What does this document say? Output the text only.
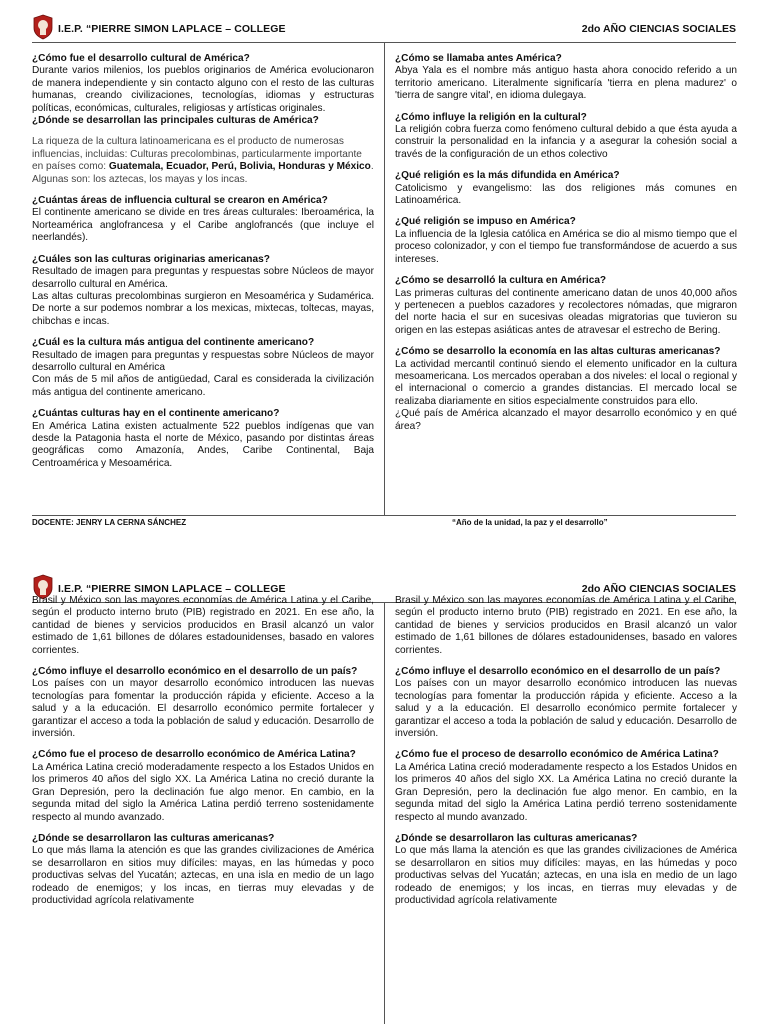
I.E.P. “PIERRE SIMON LAPLACE – COLLEGE	2do AÑO CIENCIAS SOCIALES

¿Cómo fue el desarrollo cultural de América?

Durante varios milenios, los pueblos originarios de América evolucionaron de manera independiente y sin contacto alguno con el resto de las culturas humanas, creando civilizaciones, tecnologías, idiomas y estructuras políticas, económicas, culturales, religiosas y artísticas originales.

¿Dónde se desarrollan las principales culturas de América?

La riqueza de la cultura latinoamericana es el producto de numerosas influencias, incluidas: Culturas precolombinas, particularmente importante en países como: Guatemala, Ecuador, Perú, Bolivia, Honduras y México. Algunas son: los aztecas, los mayas y los incas.

¿Cuántas áreas de influencia cultural se crearon en América?

El continente americano se divide en tres áreas culturales: Iberoamérica, la Norteamérica anglofrancesa y el Caribe anglofrancés (que incluye el neerlandés).

¿Cuáles son las culturas originarias americanas?

Resultado de imagen para preguntas y respuestas sobre Núcleos de mayor desarrollo cultural en América.

Las altas culturas precolombinas surgieron en Mesoamérica y Sudamérica. De norte a sur podemos nombrar a los mexicas, mixtecas, toltecas, mayas, chibchas e incas.

¿Cuál es la cultura más antigua del continente americano?

Resultado de imagen para preguntas y respuestas sobre Núcleos de mayor desarrollo cultural en América

Con más de 5 mil años de antigüedad, Caral es considerada la civilización más antigua del continente americano.

¿Cuántas culturas hay en el continente americano?

En América Latina existen actualmente 522 pueblos indígenas que van desde la Patagonia hasta el norte de México, pasando por distintas áreas geográficas como Amazonía, Andes, Caribe Continental, Baja Centroamérica y Mesoamérica.

¿Cómo se llamaba antes América?

Abya Yala es el nombre más antiguo hasta ahora conocido referido a un territorio americano. Literalmente significaría 'tierra en plena madurez' o 'tierra de sangre vital', en idioma dulegaya.

¿Cómo influye la religión en la cultural?

La religión cobra fuerza como fenómeno cultural debido a que ésta ayuda a construir la personalidad en la infancia y a asegurar la cohesión social a través de la configuración de un ethos colectivo

¿Qué religión es la más difundida en América?

Catolicismo y evangelismo: las dos religiones más comunes en Latinoamérica.

¿Qué religión se impuso en América?

La influencia de la Iglesia católica en América se dio al mismo tiempo que el proceso colonizador, y con el tiempo fue transformándose de acuerdo a sus intereses.

¿Cómo se desarrolló la cultura en América?

Las primeras culturas del continente americano datan de unos 40,000 años y pertenecen a pueblos cazadores y recolectores nómadas, que migraron del norte hacia el sur en sucesivas oleadas migratorias que tuvieron su origen en las estepas asiáticas antes de atravesar el estrecho de Bering.

¿Cómo se desarrollo la economía en las altas culturas americanas?

La actividad mercantil continuó siendo el elemento unificador en la cultura mesoamericana. Los mercados operaban a dos niveles: el local o regional y el internacional o comercio a grandes distancias. El mercado local se realizaba diariamente en sitios especialmente construidos para ello.

¿Qué país de América alcanzado el mayor desarrollo económico y en qué área?

DOCENTE: JENRY LA CERNA SÁNCHEZ	“Año de la unidad, la paz y el desarrollo”
I.E.P. “PIERRE SIMON LAPLACE – COLLEGE	2do AÑO CIENCIAS SOCIALES

Brasil y México son las mayores economías de América Latina y el Caribe, según el producto interno bruto (PIB) registrado en 2021. En ese año, la cantidad de bienes y servicios producidos en Brasil alcanzó un valor estimado de 1,61 billones de dólares estadounidenses, basado en valores corrientes.

¿Cómo influye el desarrollo económico en el desarrollo de un país?

Los países con un mayor desarrollo económico introducen las nuevas tecnologías para fomentar la producción rápida y eficiente. Acceso a la salud y a la educación. El desarrollo económico permite fortalecer y garantizar el acceso a toda la población de salud y educación. Desarrollo de inversión.

¿Cómo fue el proceso de desarrollo económico de América Latina?

La América Latina creció moderadamente respecto a los Estados Unidos en los primeros 40 años del siglo XX. La América Latina no creció durante la Gran Depresión, pero la declinación fue algo menor. En cambio, en la segunda mitad del siglo la América Latina perdió terreno sostenidamente respecto al mundo avanzado.

¿Dónde se desarrollaron las culturas americanas?

Lo que más llama la atención es que las grandes civilizaciones de América se desarrollaron en sitios muy difíciles: mayas, en las húmedas y poco productivas selvas del Yucatán; aztecas, en una isla en medio de un lago rodeado de enemigos; y los incas, en tierras muy elevadas y de productividad agrícola relativamente

Brasil y México son las mayores economías de América Latina y el Caribe, según el producto interno bruto (PIB) registrado en 2021. En ese año, la cantidad de bienes y servicios producidos en Brasil alcanzó un valor estimado de 1,61 billones de dólares estadounidenses, basado en valores corrientes.

¿Cómo influye el desarrollo económico en el desarrollo de un país?

Los países con un mayor desarrollo económico introducen las nuevas tecnologías para fomentar la producción rápida y eficiente. Acceso a la salud y a la educación. El desarrollo económico permite fortalecer y garantizar el acceso a toda la población de salud y educación. Desarrollo de inversión.

¿Cómo fue el proceso de desarrollo económico de América Latina?

La América Latina creció moderadamente respecto a los Estados Unidos en los primeros 40 años del siglo XX. La América Latina no creció durante la Gran Depresión, pero la declinación fue algo menor. En cambio, en la segunda mitad del siglo la América Latina perdió terreno sostenidamente respecto al mundo avanzado.

¿Dónde se desarrollaron las culturas americanas?

Lo que más llama la atención es que las grandes civilizaciones de América se desarrollaron en sitios muy difíciles: mayas, en las húmedas y poco productivas selvas del Yucatán; aztecas, en una isla en medio de un lago rodeado de enemigos; y los incas, en tierras muy elevadas y de productividad agrícola relativamente
